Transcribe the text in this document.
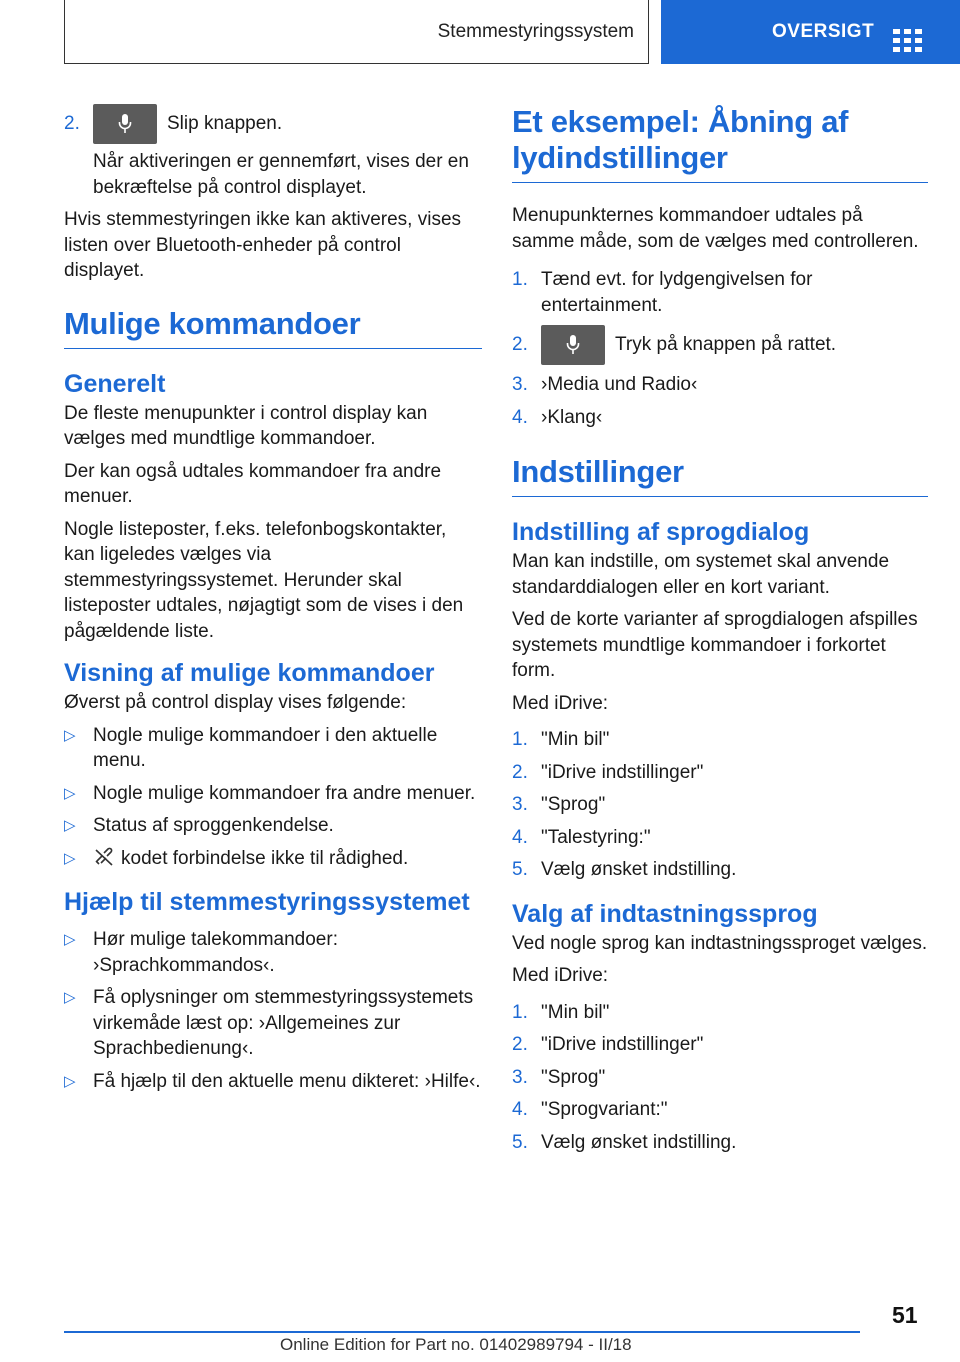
Stemmestyringssystem	OVERSIGT
2.	Slip knappen.

Når aktiveringen er gennemført, vises der en bekræftelse på control displayet.

Hvis stemmestyringen ikke kan aktiveres, vises listen over Bluetooth-enheder på control displayet.

Mulige kommandoer
Generelt

De fleste menupunkter i control display kan vælges med mundtlige kommandoer.

Der kan også udtales kommandoer fra andre menuer.

Nogle listeposter, f.eks. telefonbogskontakter, kan ligeledes vælges via stemmestyringssystemet. Herunder skal listeposter udtales, nøjagtigt som de vises i den pågældende liste.

Visning af mulige kommandoer

Øverst på control display vises følgende:

▷ Nogle mulige kommandoer i den aktuelle menu.
▷ Nogle mulige kommandoer fra andre menuer.
▷ Status af sproggenkendelse.
▷	kodet forbindelse ikke til rådighed.
Hjælp til stemmestyringssystemet
▷ Hør mulige talekommandoer: ›Sprachkommandos‹.
▷ Få oplysninger om stemmestyringssystemets virkemåde læst op: ›Allgemeines zur Sprachbedienung‹.
▷ Få hjælp til den aktuelle menu dikteret: ›Hilfe‹.
Et eksempel: Åbning af lydindstillinger

Menupunkternes kommandoer udtales på samme måde, som de vælges med controlleren.

1. Tænd evt. for lydgengivelsen for entertainment.
2.	Tryk på knappen på rattet.
3. ›Media und Radio‹
4. ›Klang‹
Indstillinger
Indstilling af sprogdialog

Man kan indstille, om systemet skal anvende standarddialogen eller en kort variant.

Ved de korte varianter af sprogdialogen afspilles systemets mundtlige kommandoer i forkortet form.

Med iDrive:

1. "Min bil"
2. "iDrive indstillinger"
3. "Sprog"
4. "Talestyring:"
5. Vælg ønsket indstilling.
Valg af indtastningssprog

Ved nogle sprog kan indtastningssproget vælges.

Med iDrive:

1. "Min bil"
2. "iDrive indstillinger"
3. "Sprog"
4. "Sprogvariant:"
5. Vælg ønsket indstilling.
51
Online Edition for Part no. 01402989794 - II/18
